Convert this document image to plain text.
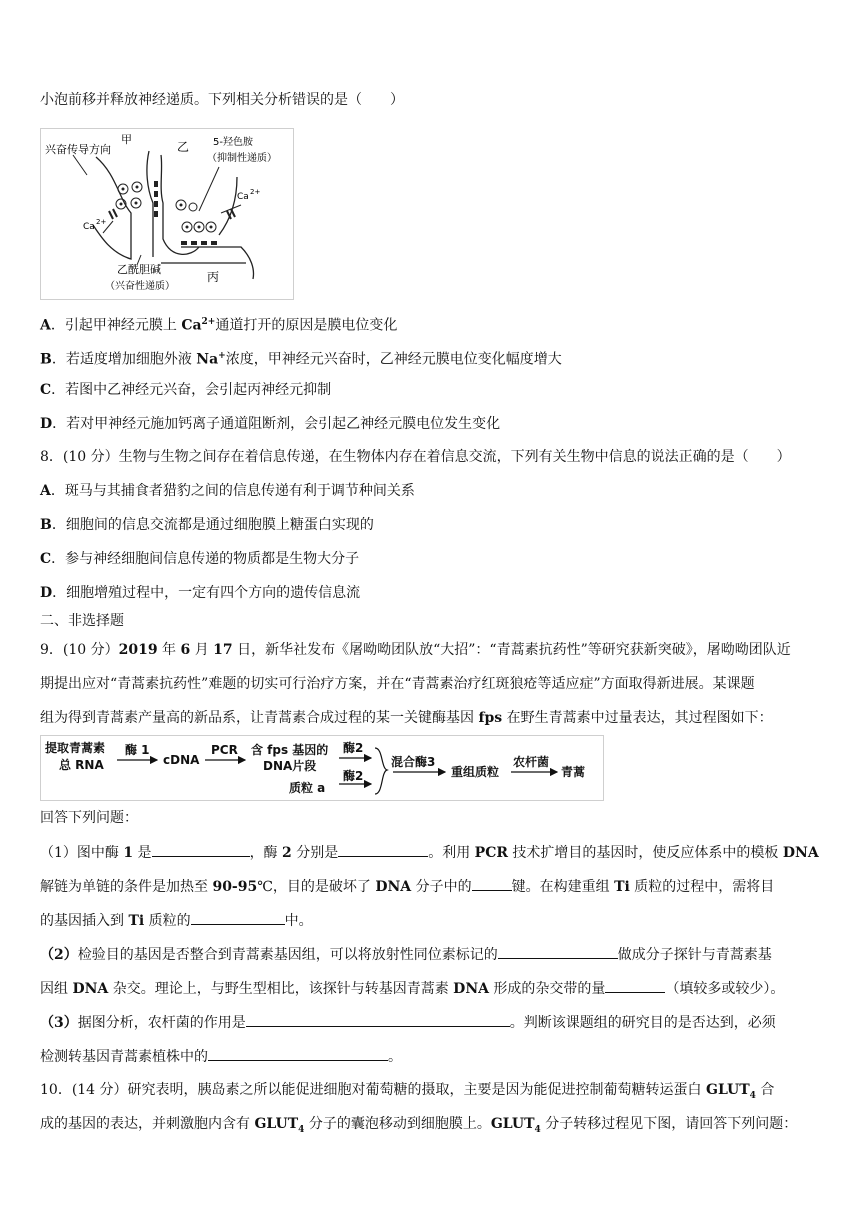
小泡前移并释放神经递质。下列相关分析错误的是（　　）
兴奋传导方向
甲
乙 5-羟色胺
（抑制性递质）
Ca 2+
Ca 2+
乙酰胆碱
（兴奋性递质）
丙
A．引起甲神经元膜上 $Ca^{2+}$通道打开的原因是膜电位变化
B．若适度增加细胞外液 Na+浓度，甲神经元兴奋时，乙神经元膜电位变化幅度增大
C．若图中乙神经元兴奋，会引起丙神经元抑制
D．若对甲神经元施加钙离子通道阻断剂，会引起乙神经元膜电位发生变化
8．(10 分）生物与生物之间存在着信息传递，在生物体内存在着信息交流，下列有关生物中信息的说法正确的是（　　）
A．斑马与其捕食者猎豹之间的信息传递有利于调节种间关系
B．细胞间的信息交流都是通过细胞膜上糖蛋白实现的
C．参与神经细胞间信息传递的物质都是生物大分子
D．细胞增殖过程中，一定有四个方向的遗传信息流
二、非选择题
9．(10 分）2019 年 6 月 17 日，新华社发布《屠呦呦团队放“大招”：“青蒿素抗药性”等研究获新突破》，屠呦呦团队近
期提出应对“青蒿素抗药性”难题的切实可行治疗方案，并在“青蒿素治疗红斑狼疮等适应症”方面取得新进展。某课题
组为得到青蒿素产量高的新品系，让青蒿素合成过程的某一关键酶基因 fps 在野生青蒿素中过量表达，其过程图如下：
提取青蒿素
总 RNA
酶 1
cDNA
PCR 含 fps 基因的
DNA片段
酶2
质粒 a
酶2
混合酶3
重组质粒
农杆菌
青蒿
回答下列问题：
（1）图中酶 1 是	，酶 2 分别是	。利用 PCR 技术扩增目的基因时，使反应体系中的模板 DNA
解链为单链的条件是加热至 90-95℃，目的是破坏了 DNA 分子中的	键。在构建重组 Ti 质粒的过程中，需将目
的基因插入到 Ti 质粒的	中。
（2）检验目的基因是否整合到青蒿素基因组，可以将放射性同位素标记的	做成分子探针与青蒿素基
因组 DNA 杂交。理论上，与野生型相比，该探针与转基因青蒿素 DNA 形成的杂交带的量	（填较多或较少）。
（3）据图分析，农杆菌的作用是	。判断该课题组的研究目的是否达到，必须
检测转基因青蒿素植株中的	。
10．(14 分）研究表明，胰岛素之所以能促进细胞对葡萄糖的摄取，主要是因为能促进控制葡萄糖转运蛋白 $GLUT_4$ 合
成的基因的表达，并刺激胞内含有 $GLUT_4$ 分子的囊泡移动到细胞膜上。$GLUT_4$ 分子转移过程见下图，请回答下列问题：
